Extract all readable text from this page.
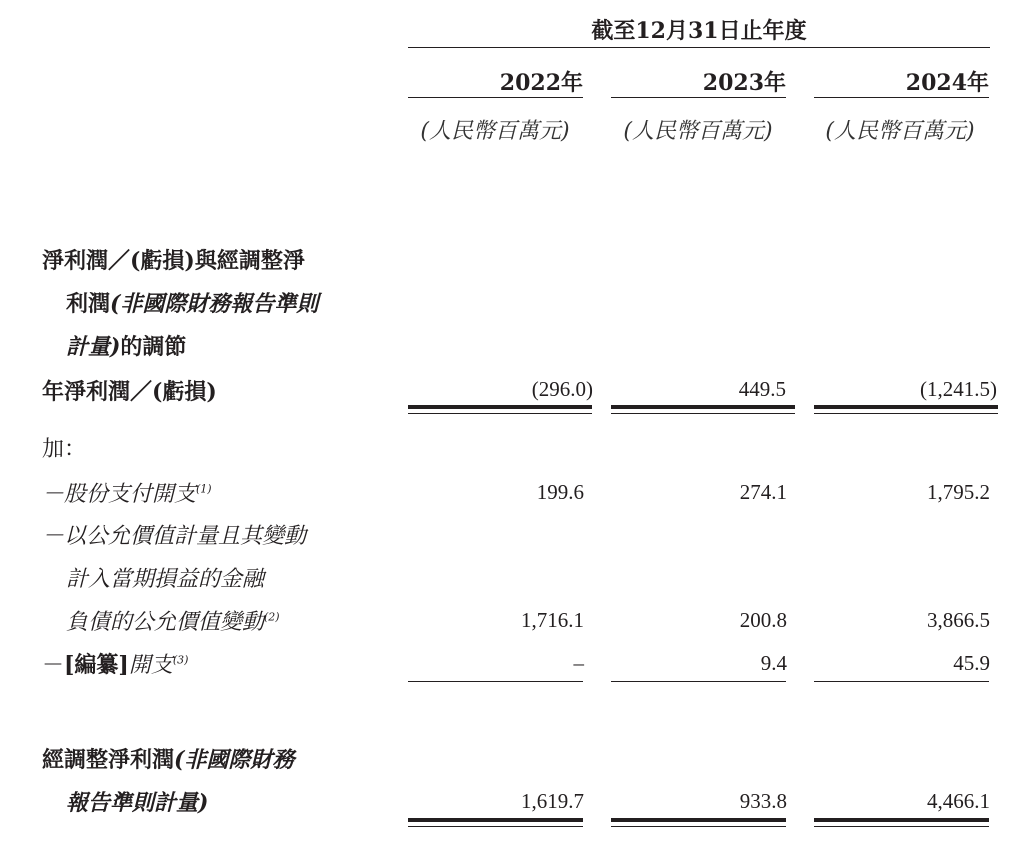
截至12月31日止年度
2022年	2023年	2024年
(人民幣百萬元)	(人民幣百萬元)	(人民幣百萬元)
淨利潤／(虧損)與經調整淨
利潤(非國際財務報告準則
計量)的調節
年淨利潤／(虧損)	(296.0)	449.5	(1,241.5)
加：
－股份支付開支$^{(1)}$	199.6	274.1	1,795.2
－以公允價值計量且其變動
計入當期損益的金融
負債的公允價值變動$^{(2)}$	1,716.1	200.8	3,866.5
－[編纂]開支$^{(3)}$	–	9.4	45.9
經調整淨利潤(非國際財務
報告準則計量)	1,619.7	933.8	4,466.1
